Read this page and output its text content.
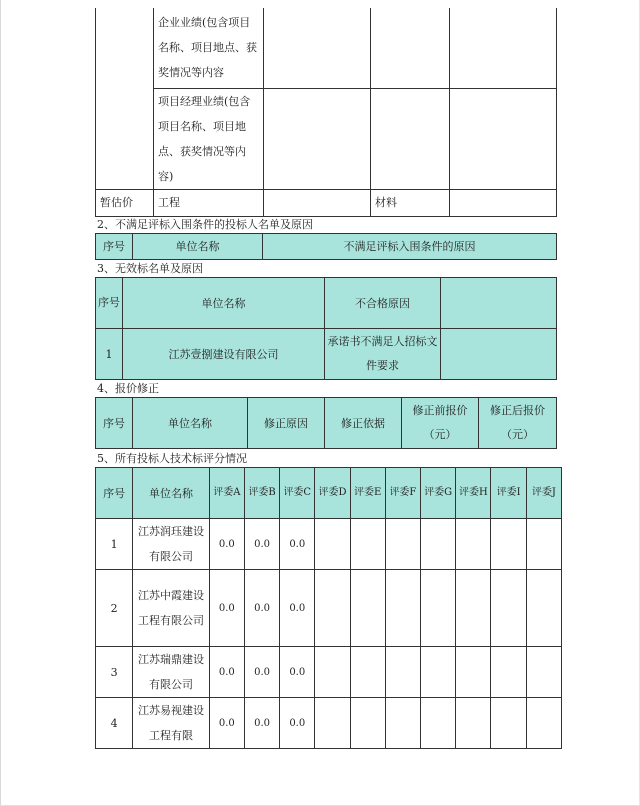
	企业业绩(包含项目名称、项目地点、获奖情况等内容			
	项目经理业绩(包含项目名称、项目地点、获奖情况等内容)			
暂估价	工程		材料	
2、不满足评标入围条件的投标人名单及原因
序号	单位名称	不满足评标入围条件的原因
3、无效标名单及原因
序号	单位名称	不合格原因	
1	江苏壹捌建设有限公司	承诺书不满足人招标文件要求	
4、报价修正
序号	单位名称	修正原因	修正依据	修正前报价（元）	修正后报价（元）
5、所有投标人技术标评分情况
序号	单位名称	评委A	评委B	评委C	评委D	评委E	评委F	评委G	评委H	评委I	评委J
1	江苏润珏建设有限公司	0.0	0.0	0.0							
2	江苏中霞建设工程有限公司	0.0	0.0	0.0							
3	江苏瑞鼎建设有限公司	0.0	0.0	0.0							
4	江苏易视建设工程有限	0.0	0.0	0.0							
